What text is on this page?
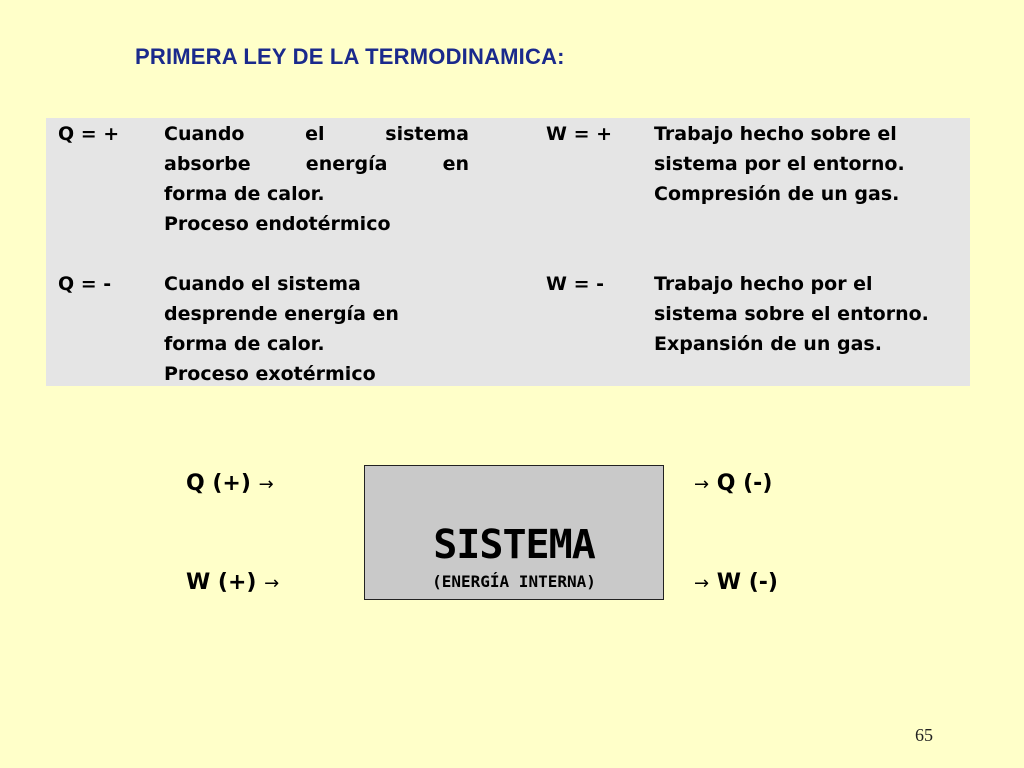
PRIMERA LEY DE LA TERMODINAMICA:
Q = + Cuando el sistema
absorbe energía en
forma de calor.
Proceso endotérmico
W = + Trabajo hecho sobre el
sistema por el entorno.
Compresión de un gas.
Q = -	Cuando el sistema
desprende energía en
forma de calor.
Proceso exotérmico
W = -	Trabajo hecho por el
sistema sobre el entorno.
Expansión de un gas.
Q (+) →
W (+) →
SISTEMA
(ENERGÍA INTERNA)
→ Q (-)
→ W (-)
65
